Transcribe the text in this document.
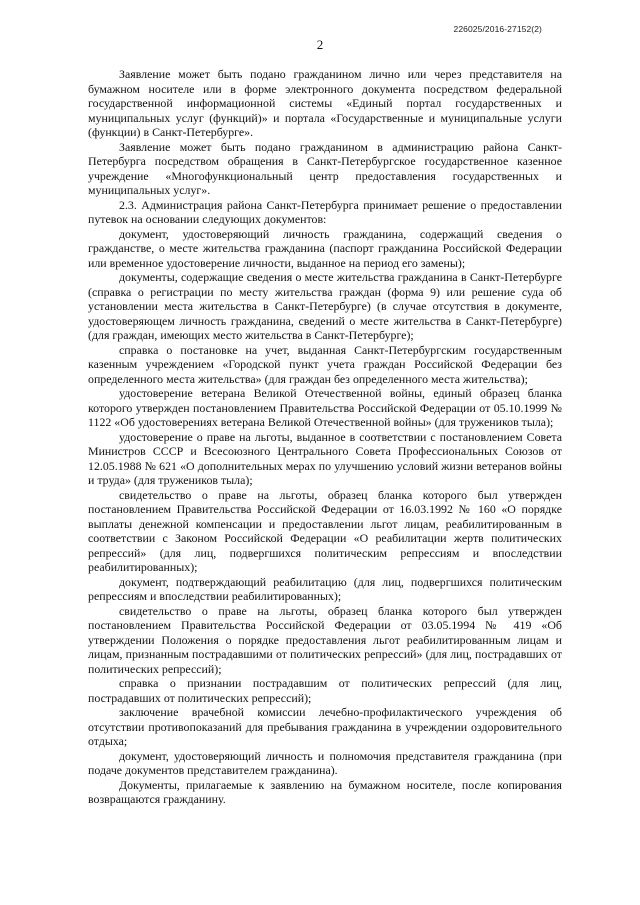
226025/2016-27152(2)
2

Заявление может быть подано гражданином лично или через представителя на бумажном носителе или в форме электронного документа посредством федеральной государственной информационной системы «Единый портал государственных и муниципальных услуг (функций)» и портала «Государственные и муниципальные услуги (функции) в Санкт-Петербурге».

Заявление может быть подано гражданином в администрацию района Санкт-Петербурга посредством обращения в Санкт-Петербургское государственное казенное учреждение «Многофункциональный центр предоставления государственных и муниципальных услуг».

2.3. Администрация района Санкт-Петербурга принимает решение о предоставлении путевок на основании следующих документов:

документ, удостоверяющий личность гражданина, содержащий сведения о гражданстве, о месте жительства гражданина (паспорт гражданина Российской Федерации или временное удостоверение личности, выданное на период его замены);

документы, содержащие сведения о месте жительства гражданина в Санкт-Петербурге (справка о регистрации по месту жительства граждан (форма 9) или решение суда об установлении места жительства в Санкт-Петербурге) (в случае отсутствия в документе, удостоверяющем личность гражданина, сведений о месте жительства в Санкт-Петербурге) (для граждан, имеющих место жительства в Санкт-Петербурге);

справка о постановке на учет, выданная Санкт-Петербургским государственным казенным учреждением «Городской пункт учета граждан Российской Федерации без определенного места жительства» (для граждан без определенного места жительства);

удостоверение ветерана Великой Отечественной войны, единый образец бланка которого утвержден постановлением Правительства Российской Федерации от 05.10.1999 № 1122 «Об удостоверениях ветерана Великой Отечественной войны» (для тружеников тыла);

удостоверение о праве на льготы, выданное в соответствии с постановлением Совета Министров СССР и Всесоюзного Центрального Совета Профессиональных Союзов от 12.05.1988 № 621 «О дополнительных мерах по улучшению условий жизни ветеранов войны и труда» (для тружеников тыла);

свидетельство о праве на льготы, образец бланка которого был утвержден постановлением Правительства Российской Федерации от 16.03.1992 № 160 «О порядке выплаты денежной компенсации и предоставлении льгот лицам, реабилитированным в соответствии с Законом Российской Федерации «О реабилитации жертв политических репрессий» (для лиц, подвергшихся политическим репрессиям и впоследствии реабилитированных);

документ, подтверждающий реабилитацию (для лиц, подвергшихся политическим репрессиям и впоследствии реабилитированных);

свидетельство о праве на льготы, образец бланка которого был утвержден постановлением Правительства Российской Федерации от 03.05.1994 № 419 «Об утверждении Положения о порядке предоставления льгот реабилитированным лицам и лицам, признанным пострадавшими от политических репрессий» (для лиц, пострадавших от политических репрессий);

справка о признании пострадавшим от политических репрессий (для лиц, пострадавших от политических репрессий);

заключение врачебной комиссии лечебно-профилактического учреждения об отсутствии противопоказаний для пребывания гражданина в учреждении оздоровительного отдыха;

документ, удостоверяющий личность и полномочия представителя гражданина (при подаче документов представителем гражданина).

Документы, прилагаемые к заявлению на бумажном носителе, после копирования возвращаются гражданину.
